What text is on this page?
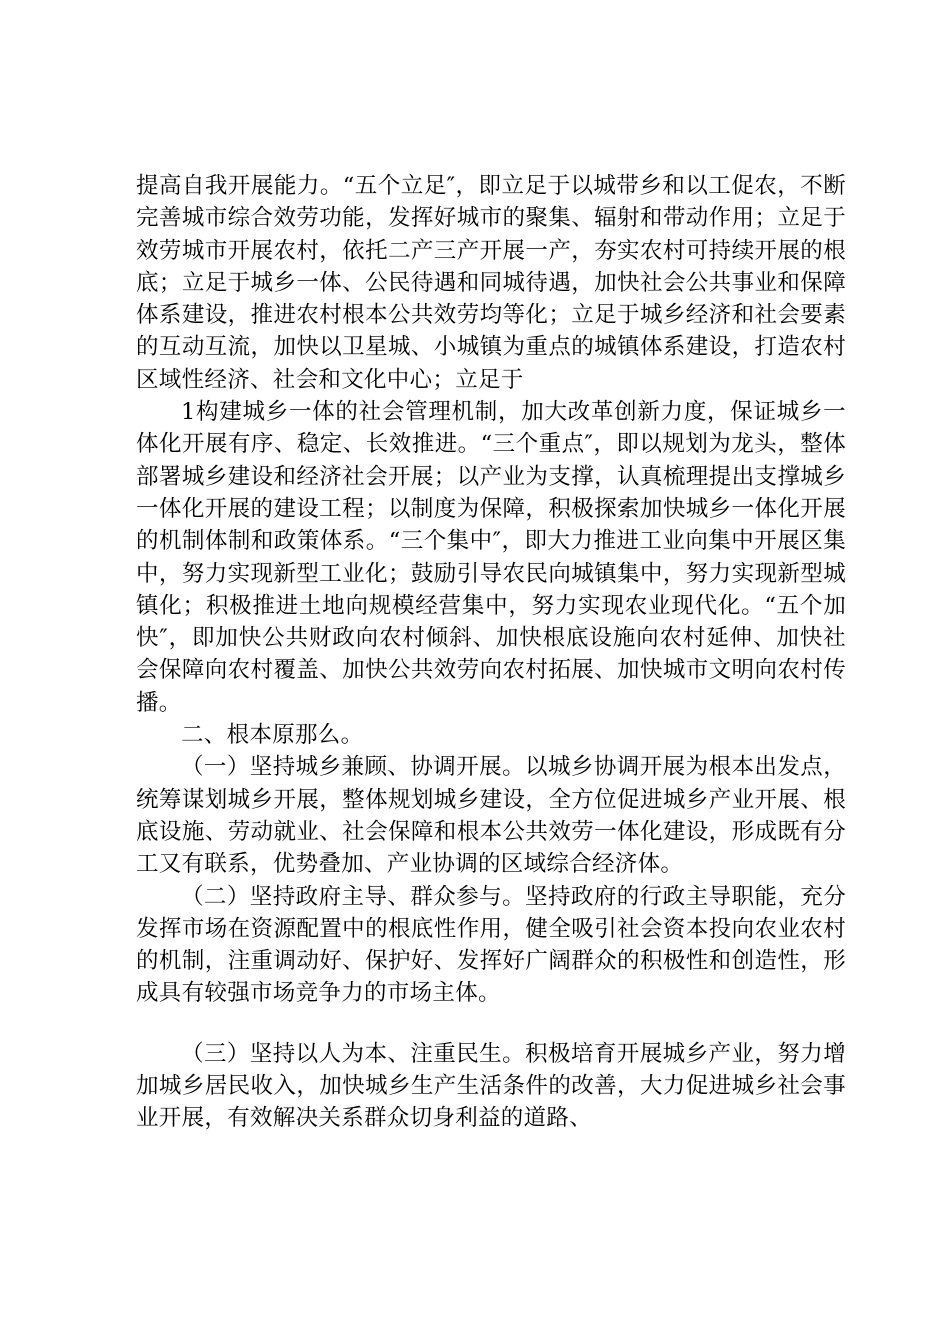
提高自我开展能力。“五个立足″，即立足于以城带乡和以工促农，不断完善城市综合效劳功能，发挥好城市的聚集、辐射和带动作用；立足于效劳城市开展农村，依托二产三产开展一产，夯实农村可持续开展的根底；立足于城乡一体、公民待遇和同城待遇，加快社会公共事业和保障体系建设，推进农村根本公共效劳均等化；立足于城乡经济和社会要素的互动互流，加快以卫星城、小城镇为重点的城镇体系建设，打造农村区域性经济、社会和文化中心；立足于

1构建城乡一体的社会管理机制，加大改革创新力度，保证城乡一体化开展有序、稳定、长效推进。“三个重点″，即以规划为龙头，整体部署城乡建设和经济社会开展；以产业为支撑，认真梳理提出支撑城乡一体化开展的建设工程；以制度为保障，积极探索加快城乡一体化开展的机制体制和政策体系。“三个集中″，即大力推进工业向集中开展区集中，努力实现新型工业化；鼓励引导农民向城镇集中，努力实现新型城镇化；积极推进土地向规模经营集中，努力实现农业现代化。“五个加快″，即加快公共财政向农村倾斜、加快根底设施向农村延伸、加快社会保障向农村覆盖、加快公共效劳向农村拓展、加快城市文明向农村传播。

二、根本原那么。

（一）坚持城乡兼顾、协调开展。以城乡协调开展为根本出发点，统筹谋划城乡开展，整体规划城乡建设，全方位促进城乡产业开展、根底设施、劳动就业、社会保障和根本公共效劳一体化建设，形成既有分工又有联系，优势叠加、产业协调的区域综合经济体。

（二）坚持政府主导、群众参与。坚持政府的行政主导职能，充分发挥市场在资源配置中的根底性作用，健全吸引社会资本投向农业农村的机制，注重调动好、保护好、发挥好广阔群众的积极性和创造性，形成具有较强市场竞争力的市场主体。

（三）坚持以人为本、注重民生。积极培育开展城乡产业，努力增加城乡居民收入，加快城乡生产生活条件的改善，大力促进城乡社会事业开展，有效解决关系群众切身利益的道路、
